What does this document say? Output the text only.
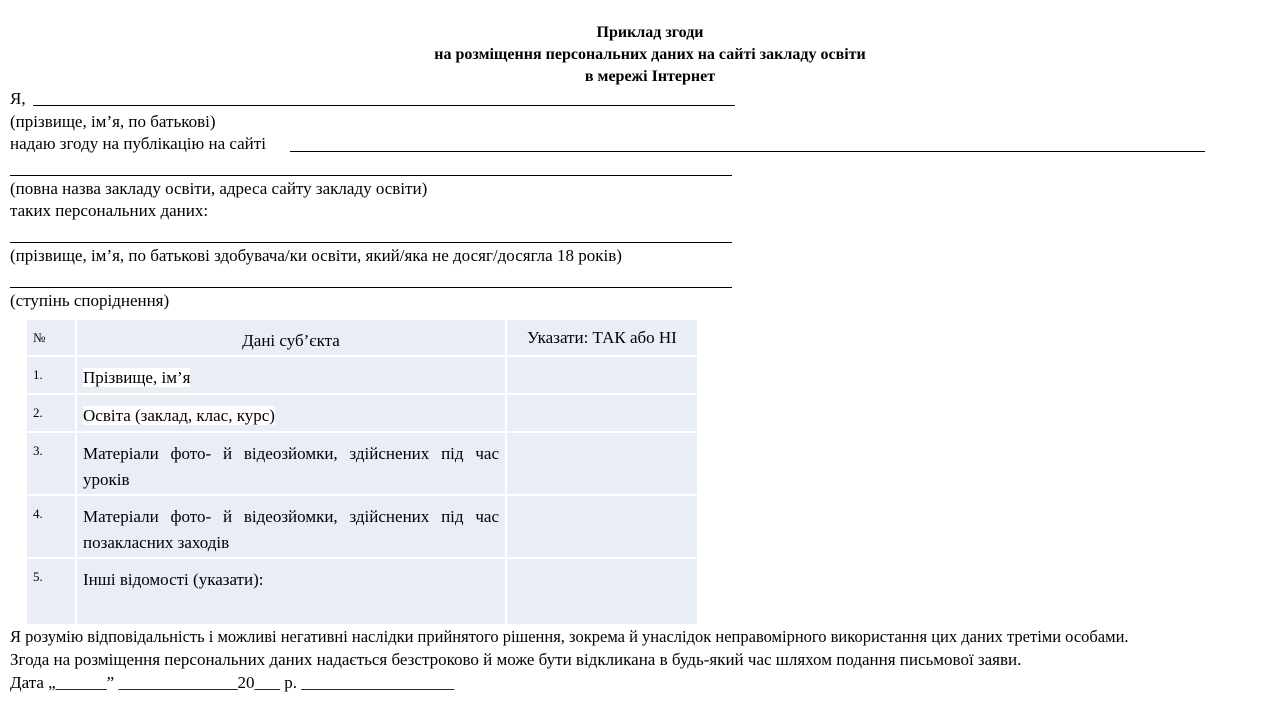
Приклад згоди
на розміщення персональних даних на сайті закладу освіти
в мережі Інтернет
Я,
(прізвище, ім’я, по батькові)
надаю згоду на публікацію на сайті
(повна назва закладу освіти, адреса сайту закладу освіти)
таких персональних даних:
(прізвище, ім’я, по батькові здобувача/ки освіти, який/яка не досяг/досягла 18 років)
(ступінь споріднення)
№	Дані суб’єкта	Указати: ТАК або НІ
1.	Прізвище, ім’я	
2.	Освіта (заклад, клас, курс)	
3.	Матеріали фото- й відеозйомки, здійснених під час уроків	
4.	Матеріали фото- й відеозйомки, здійснених під час позакласних заходів	
5.	Інші відомості (указати):	
Я розумію відповідальність і можливі негативні наслідки прийнятого рішення, зокрема й унаслідок неправомірного використання цих даних третіми особами.
Згода на розміщення персональних даних надається безстроково й може бути відкликана в будь-який час шляхом подання письмової заяви.
Дата „______” ______________20___ р. __________________
